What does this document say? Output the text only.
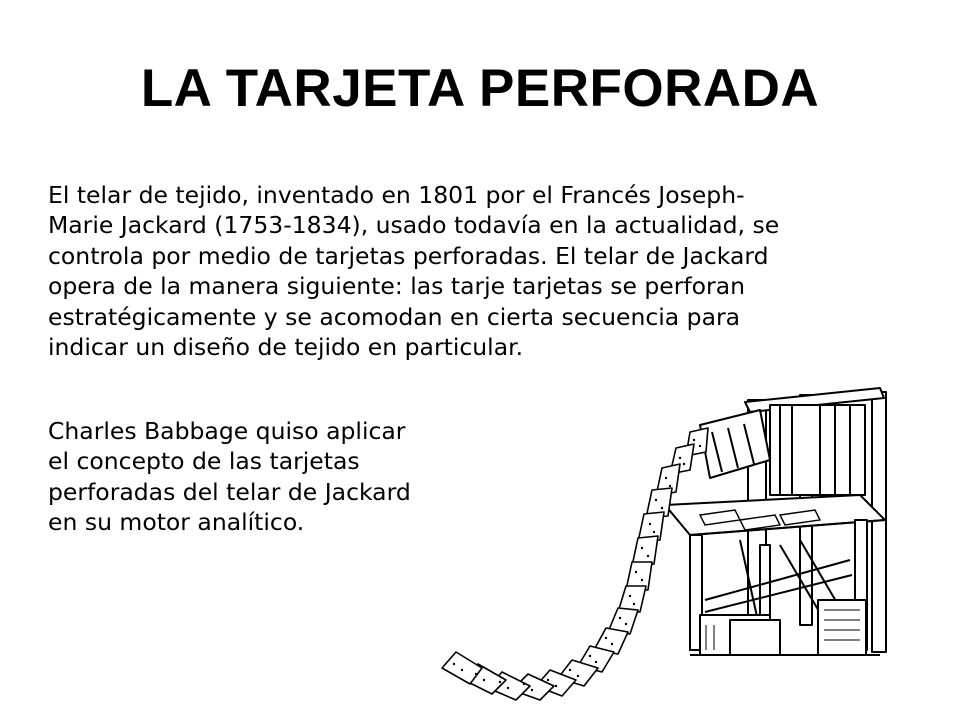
LA TARJETA PERFORADA

El telar de tejido, inventado en 1801 por el Francés Joseph-
Marie Jackard (1753-1834), usado todavía en la actualidad, se
controla por medio de tarjetas perforadas. El telar de Jackard
opera de la manera siguiente: las tarje tarjetas se perforan
estratégicamente y se acomodan en cierta secuencia para
indicar un diseño de tejido en particular.

Charles Babbage quiso aplicar
el concepto de las tarjetas
perforadas del telar de Jackard
en su motor analítico.
